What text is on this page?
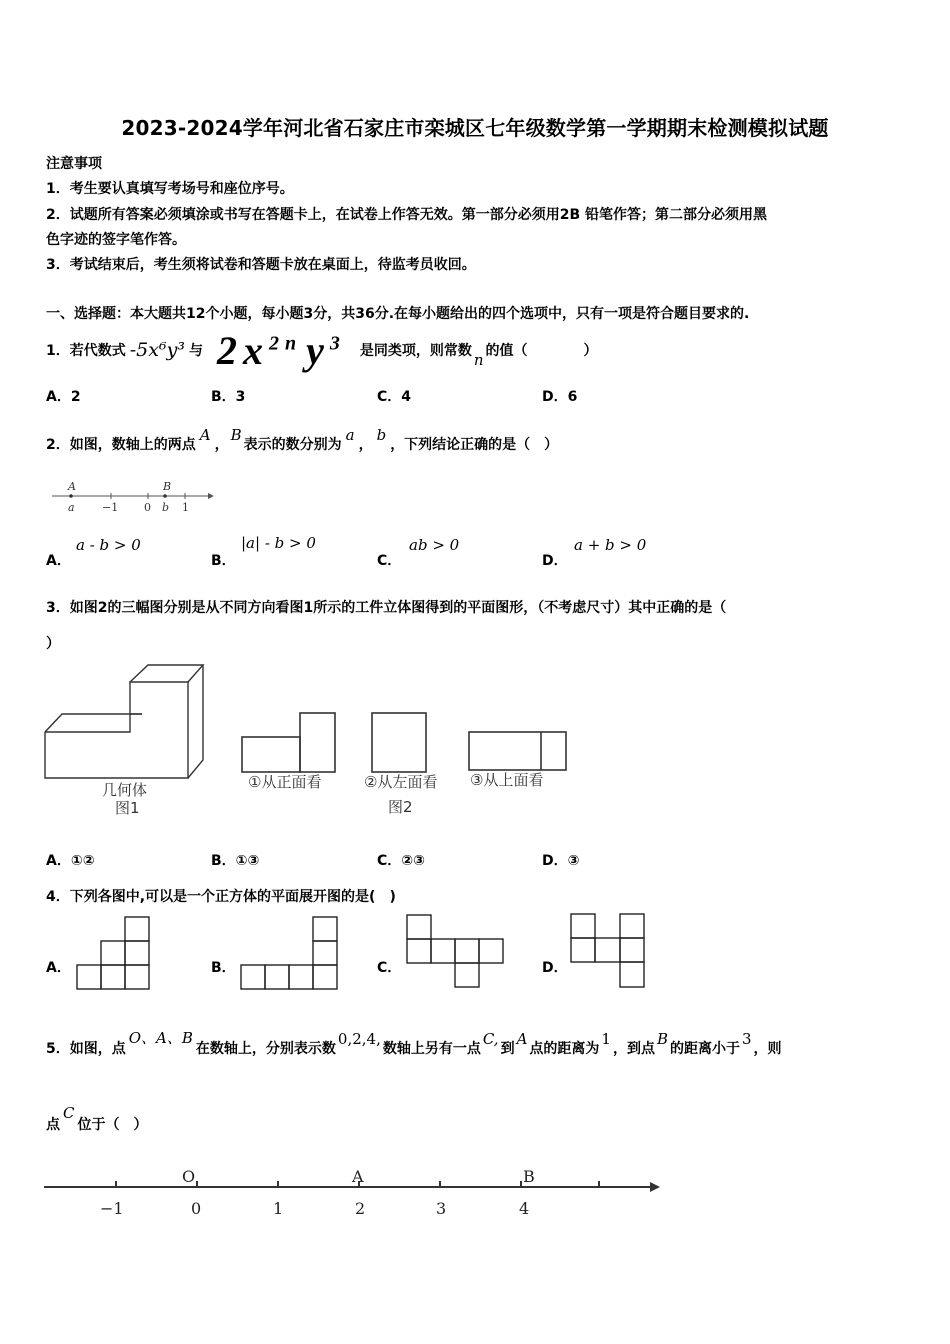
2023-2024学年河北省石家庄市栾城区七年级数学第一学期期末检测模拟试题
注意事项
1．考生要认真填写考场号和座位序号。
2．试题所有答案必须填涂或书写在答题卡上，在试卷上作答无效。第一部分必须用2B 铅笔作答；第二部分必须用黑
色字迹的签字笔作答。
3．考试结束后，考生须将试卷和答题卡放在桌面上，待监考员收回。
一、选择题：本大题共12个小题，每小题3分，共36分.在每小题给出的四个选项中，只有一项是符合题目要求的.
1．若代数式 -5x⁶y³ 与 $2x^{2n}$ $y^3$ 是同类项，则常数 n 的值（　　　　）
A．2	B．3	C．4	D．6
2．如图，数轴上的两点
A
，
B
表示的数分别为
a
，
b
，下列结论正确的是（　）
A	B
a −1 0 b 1
A．
a - b > 0
B．
|a| - b > 0
C．
ab > 0
D．
a + b > 0
3．如图2的三幅图分别是从不同方向看图1所示的工件立体图得到的平面图形，（不考虑尺寸）其中正确的是（
）
几何体
图1
①从正面看	②从左面看 ③从上面看
图2
A．①②	B．①③	C．②③	D．③
4．下列各图中,可以是一个正方体的平面展开图的是(　)
A．	B．	C．	D．
5．如图，点
O、A、B
在数轴上，分别表示数
0,2,4,
数轴上另有一点
C,
到
A
点的距离为
1
，到点
B
的距离小于
3
，则
点
C
位于（　）
O	A	B
−1	0	1	2	3	4
